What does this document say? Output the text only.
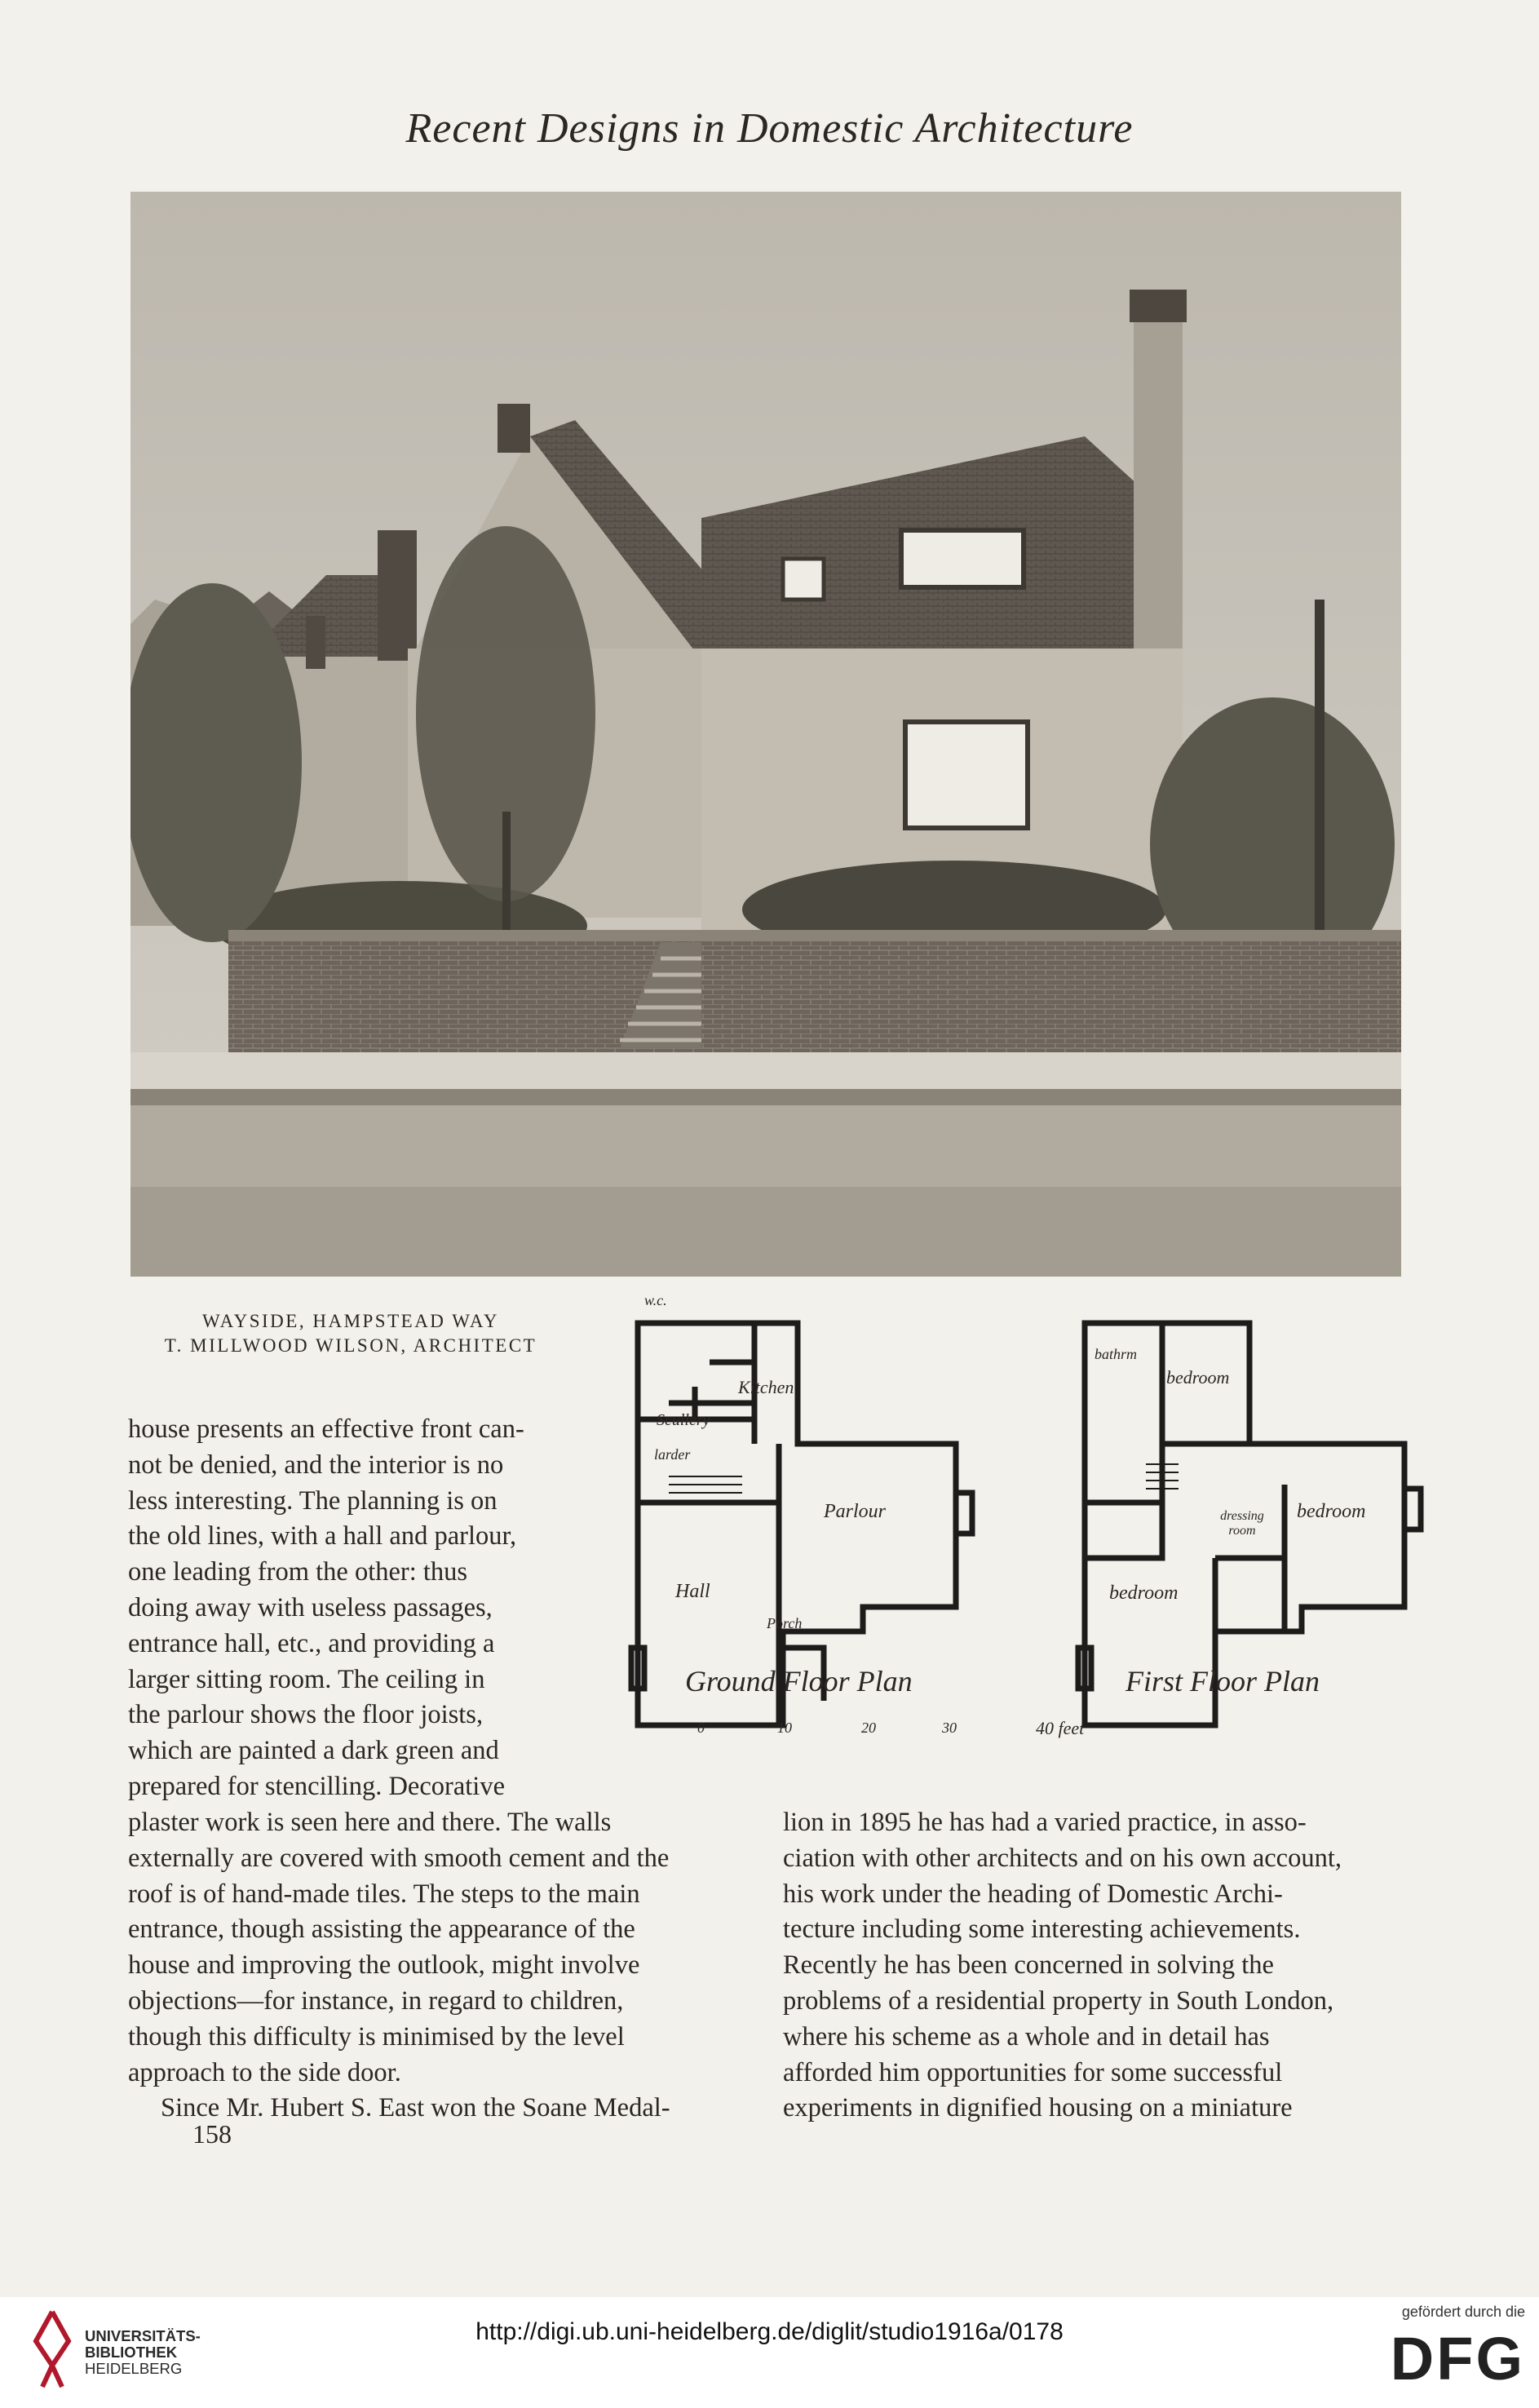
Recent Designs in Domestic Architecture
WAYSIDE, HAMPSTEAD WAY
T. MILLWOOD WILSON, ARCHITECT
w.c.
Kitchen
Scullery
larder
Parlour
Hall
Porch
bathrm
bedroom
dressing room
bedroom
bedroom
Ground Floor Plan	First Floor Plan
0	10	20	30	40 feet

house presents an effective front can-

not be denied, and the interior is no

less interesting. The planning is on

the old lines, with a hall and parlour,

one leading from the other: thus

doing away with useless passages,

entrance hall, etc., and providing a

larger sitting room. The ceiling in

the parlour shows the floor joists,

which are painted a dark green and

prepared for stencilling. Decorative

plaster work is seen here and there. The walls

externally are covered with smooth cement and the

roof is of hand-made tiles. The steps to the main

entrance, though assisting the appearance of the

house and improving the outlook, might involve

objections—for instance, in regard to children,

though this difficulty is minimised by the level

approach to the side door.

Since Mr. Hubert S. East won the Soane Medal-

lion in 1895 he has had a varied practice, in asso-

ciation with other architects and on his own account,

his work under the heading of Domestic Archi-

tecture including some interesting achievements.

Recently he has been concerned in solving the

problems of a residential property in South London,

where his scheme as a whole and in detail has

afforded him opportunities for some successful

experiments in dignified housing on a miniature

158
UNIVERSITÄTS-
BIBLIOTHEK
HEIDELBERG
http://digi.ub.uni-heidelberg.de/diglit/studio1916a/0178
gefördert durch die
DFG
